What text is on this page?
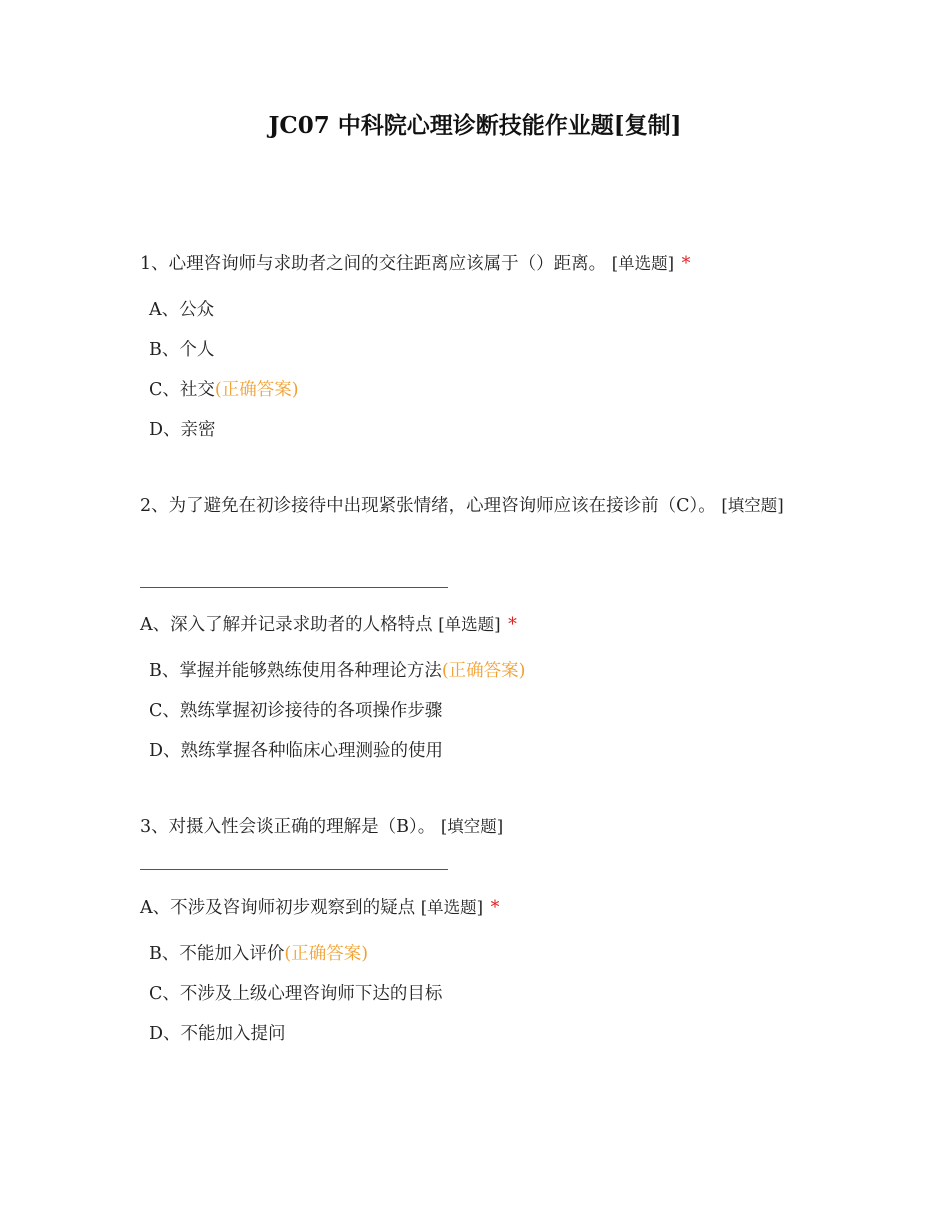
JC07 中科院心理诊断技能作业题[复制]
1、心理咨询师与求助者之间的交往距离应该属于（）距离。 [单选题] *
A、公众
B、个人
C、社交(正确答案)
D、亲密
2、为了避免在初诊接待中出现紧张情绪，心理咨询师应该在接诊前（C）。 [填空题]
A、深入了解并记录求助者的人格特点 [单选题] *
B、掌握并能够熟练使用各种理论方法(正确答案)
C、熟练掌握初诊接待的各项操作步骤
D、熟练掌握各种临床心理测验的使用
3、对摄入性会谈正确的理解是（B）。 [填空题]
A、不涉及咨询师初步观察到的疑点 [单选题] *
B、不能加入评价(正确答案)
C、不涉及上级心理咨询师下达的目标
D、不能加入提问
